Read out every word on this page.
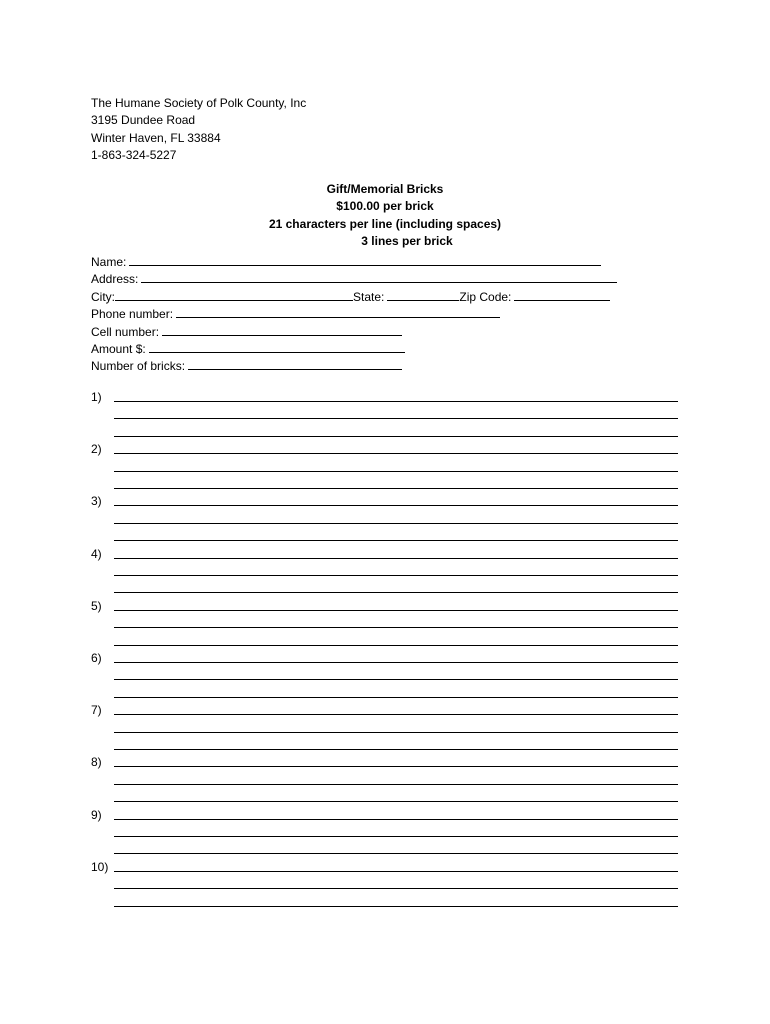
The Humane Society of Polk County, Inc
3195 Dundee Road
Winter Haven, FL 33884
1-863-324-5227
Gift/Memorial Bricks
$100.00 per brick
21 characters per line (including spaces)
3 lines per brick
Name:
Address:
City:	State:	Zip Code:
Phone number:
Cell number:
Amount $:
Number of bricks:
1)
2)
3)
4)
5)
6)
7)
8)
9)
10)
